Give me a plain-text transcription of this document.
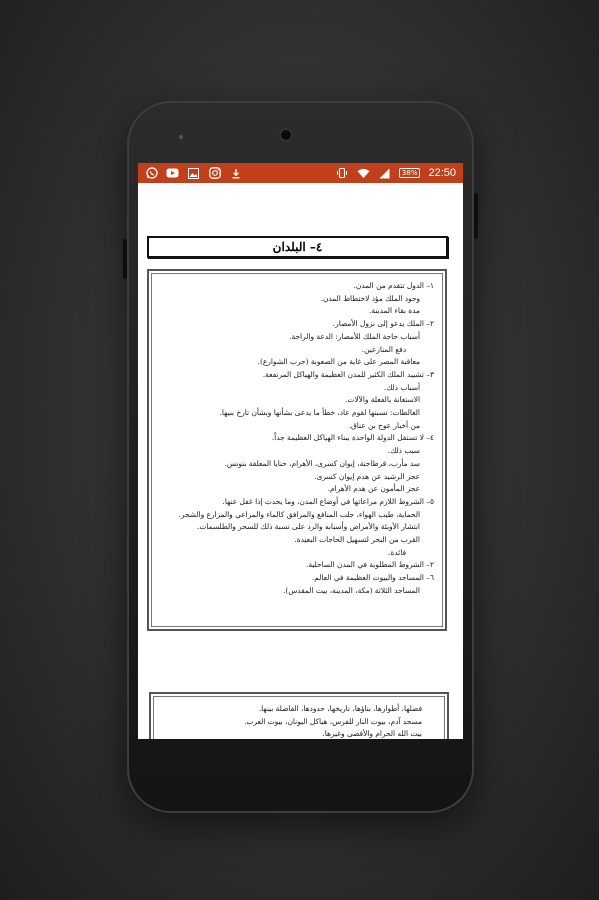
38% 22:50
٤– البلدان
١– الدول تتقدم من المدن.
وجود الملك مؤذ لاختطاط المدن.
مدة بقاء المدينة.
٢– الملك يدعو إلى نزول الأمصار.
أسباب حاجة الملك للأمصار: الدعة والراحة.
دفع المنازعين.
معاقبة المصر على غاية من الصعوبة (حرب الشوارع).
٣– تشييد الملك الكثير للمدن العظيمة والهياكل المرتفعة.
أسباب ذلك.
الاستعانة بالفعلة والآلات.
الغالطات: نسبتها لقوم عاد، خطأ ما يدعى بشأنها وبشأن تارخ بنيها.
من أخبار عوج بن عناق.
٤– لا تستقل الدولة الواحدة ببناء الهياكل العظيمة جداً.
سبب ذلك.
سد مأرب، قرطاجنة، إيوان كسرى، الأهرام، حنايا المعلقة بتونس.
عجز الرشيد عن هدم إيوان كسرى.
عجز المأمون عن هدم الأهرام.
٥– الشروط اللازم مراعاتها في أوضاع المدن، وما يحدث إذا غفل عنها.
الحماية، طيب الهواء، جلب المنافع والمرافق كالماء والمراعي والمزارع والشجر.
انتشار الأوبئة والأمراض وأسبابه والرد على نسبة ذلك للسحر والطلسمات.
القرب من البحر لتسهيل الحاجات البعيدة.
فائدة.
٢– الشروط المطلوبة في المدن الساحلية.
٦– المساجد والبيوت العظيمة في العالم.
المساجد الثلاثة (مكة، المدينة، بيت المقدس).
فضلها، أطوارها، بناؤها، تاريخها، حدودها، الفاضلة بينها.
مسجد آدم، بيوت النار للفرس، هياكل اليونان، بيوت العرب.
بيت الله الحرام والأقصى وغيرها.
